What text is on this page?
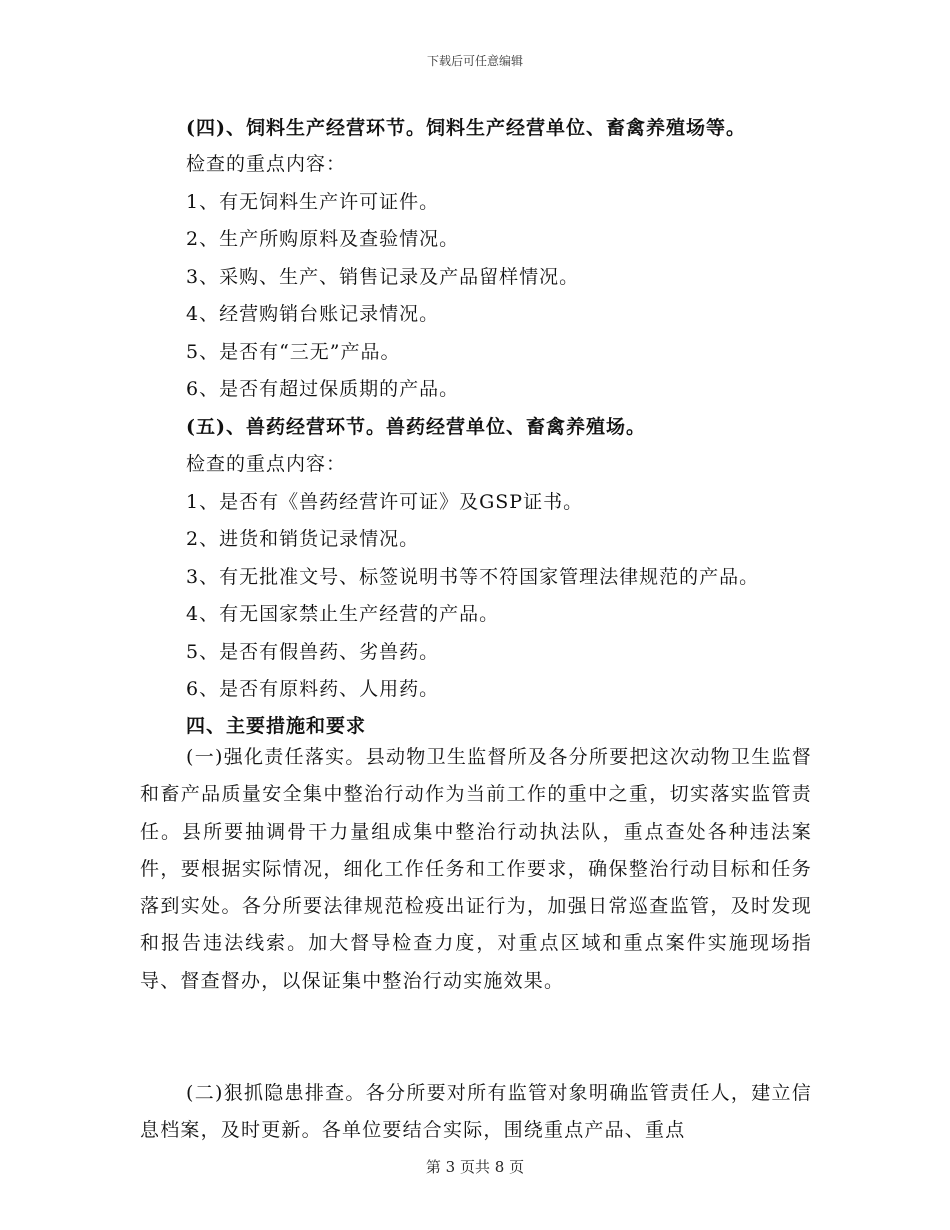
下载后可任意编辑
(四)、饲料生产经营环节。饲料生产经营单位、畜禽养殖场等。
检查的重点内容：
1、有无饲料生产许可证件。
2、生产所购原料及查验情况。
3、采购、生产、销售记录及产品留样情况。
4、经营购销台账记录情况。
5、是否有“三无”产品。
6、是否有超过保质期的产品。
(五)、兽药经营环节。兽药经营单位、畜禽养殖场。
检查的重点内容：
1、是否有《兽药经营许可证》及GSP证书。
2、进货和销货记录情况。
3、有无批准文号、标签说明书等不符国家管理法律规范的产品。
4、有无国家禁止生产经营的产品。
5、是否有假兽药、劣兽药。
6、是否有原料药、人用药。
四、主要措施和要求
(一)强化责任落实。县动物卫生监督所及各分所要把这次动物卫生监督和畜产品质量安全集中整治行动作为当前工作的重中之重，切实落实监管责任。县所要抽调骨干力量组成集中整治行动执法队，重点查处各种违法案件，要根据实际情况，细化工作任务和工作要求，确保整治行动目标和任务落到实处。各分所要法律规范检疫出证行为，加强日常巡查监管，及时发现和报告违法线索。加大督导检查力度，对重点区域和重点案件实施现场指导、督查督办，以保证集中整治行动实施效果。
(二)狠抓隐患排查。各分所要对所有监管对象明确监管责任人，建立信息档案，及时更新。各单位要结合实际，围绕重点产品、重点
第 3 页共 8 页
